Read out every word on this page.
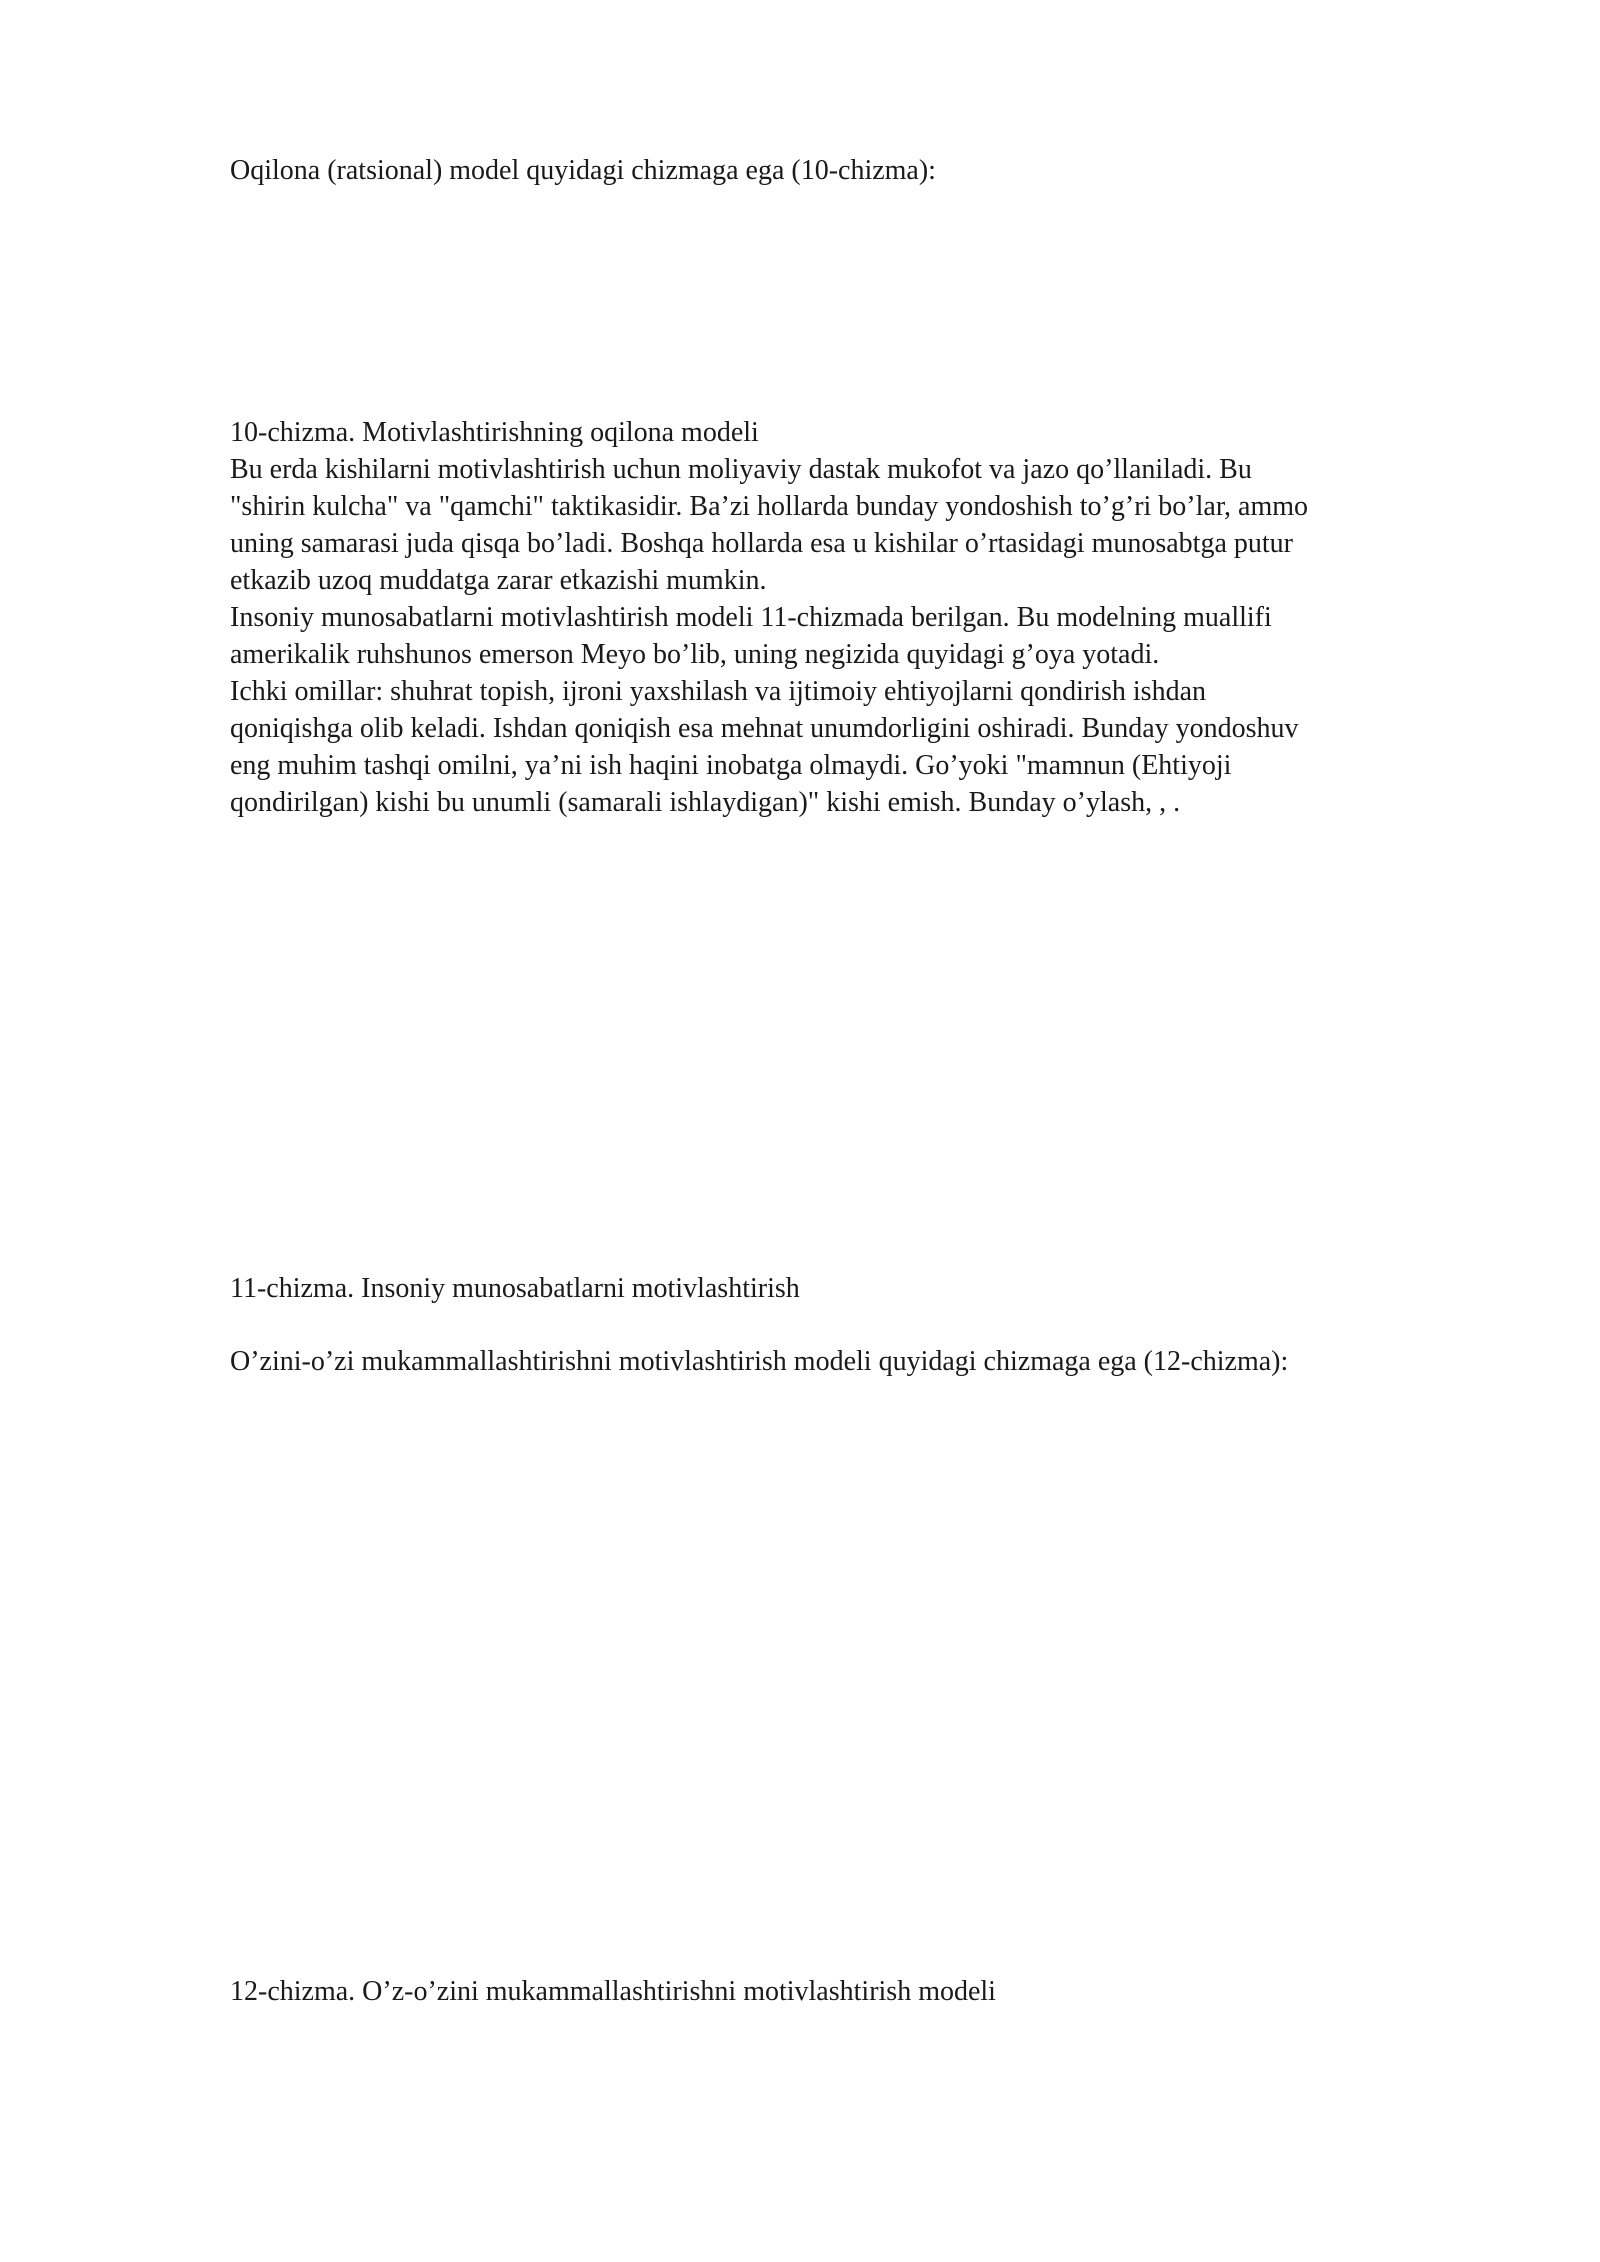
Oqilona (ratsional) model quyidagi chizmaga ega (10-chizma):

10-chizma. Motivlashtirishning oqilona modeli
Bu erda kishilarni motivlashtirish uchun moliyaviy dastak mukofot va jazo qo’llaniladi. Bu
"shirin kulcha" va "qamchi" taktikasidir. Ba’zi hollarda bunday yondoshish to’g’ri bo’lar, ammo
uning samarasi juda qisqa bo’ladi. Boshqa hollarda esa u kishilar o’rtasidagi munosabtga putur
etkazib uzoq muddatga zarar etkazishi mumkin.
Insoniy munosabatlarni motivlashtirish modeli 11-chizmada berilgan. Bu modelning muallifi
amerikalik ruhshunos emerson Meyo bo’lib, uning negizida quyidagi g’oya yotadi.
Ichki omillar: shuhrat topish, ijroni yaxshilash va ijtimoiy ehtiyojlarni qondirish ishdan
qoniqishga olib keladi. Ishdan qoniqish esa mehnat unumdorligini oshiradi. Bunday yondoshuv
eng muhim tashqi omilni, ya’ni ish haqini inobatga olmaydi. Go’yoki "mamnun (Ehtiyoji
qondirilgan) kishi bu unumli (samarali ishlaydigan)" kishi emish. Bunday o’ylash, , .

11-chizma. Insoniy munosabatlarni motivlashtirish

O’zini-o’zi mukammallashtirishni motivlashtirish modeli quyidagi chizmaga ega (12-chizma):

12-chizma. O’z-o’zini mukammallashtirishni motivlashtirish modeli
